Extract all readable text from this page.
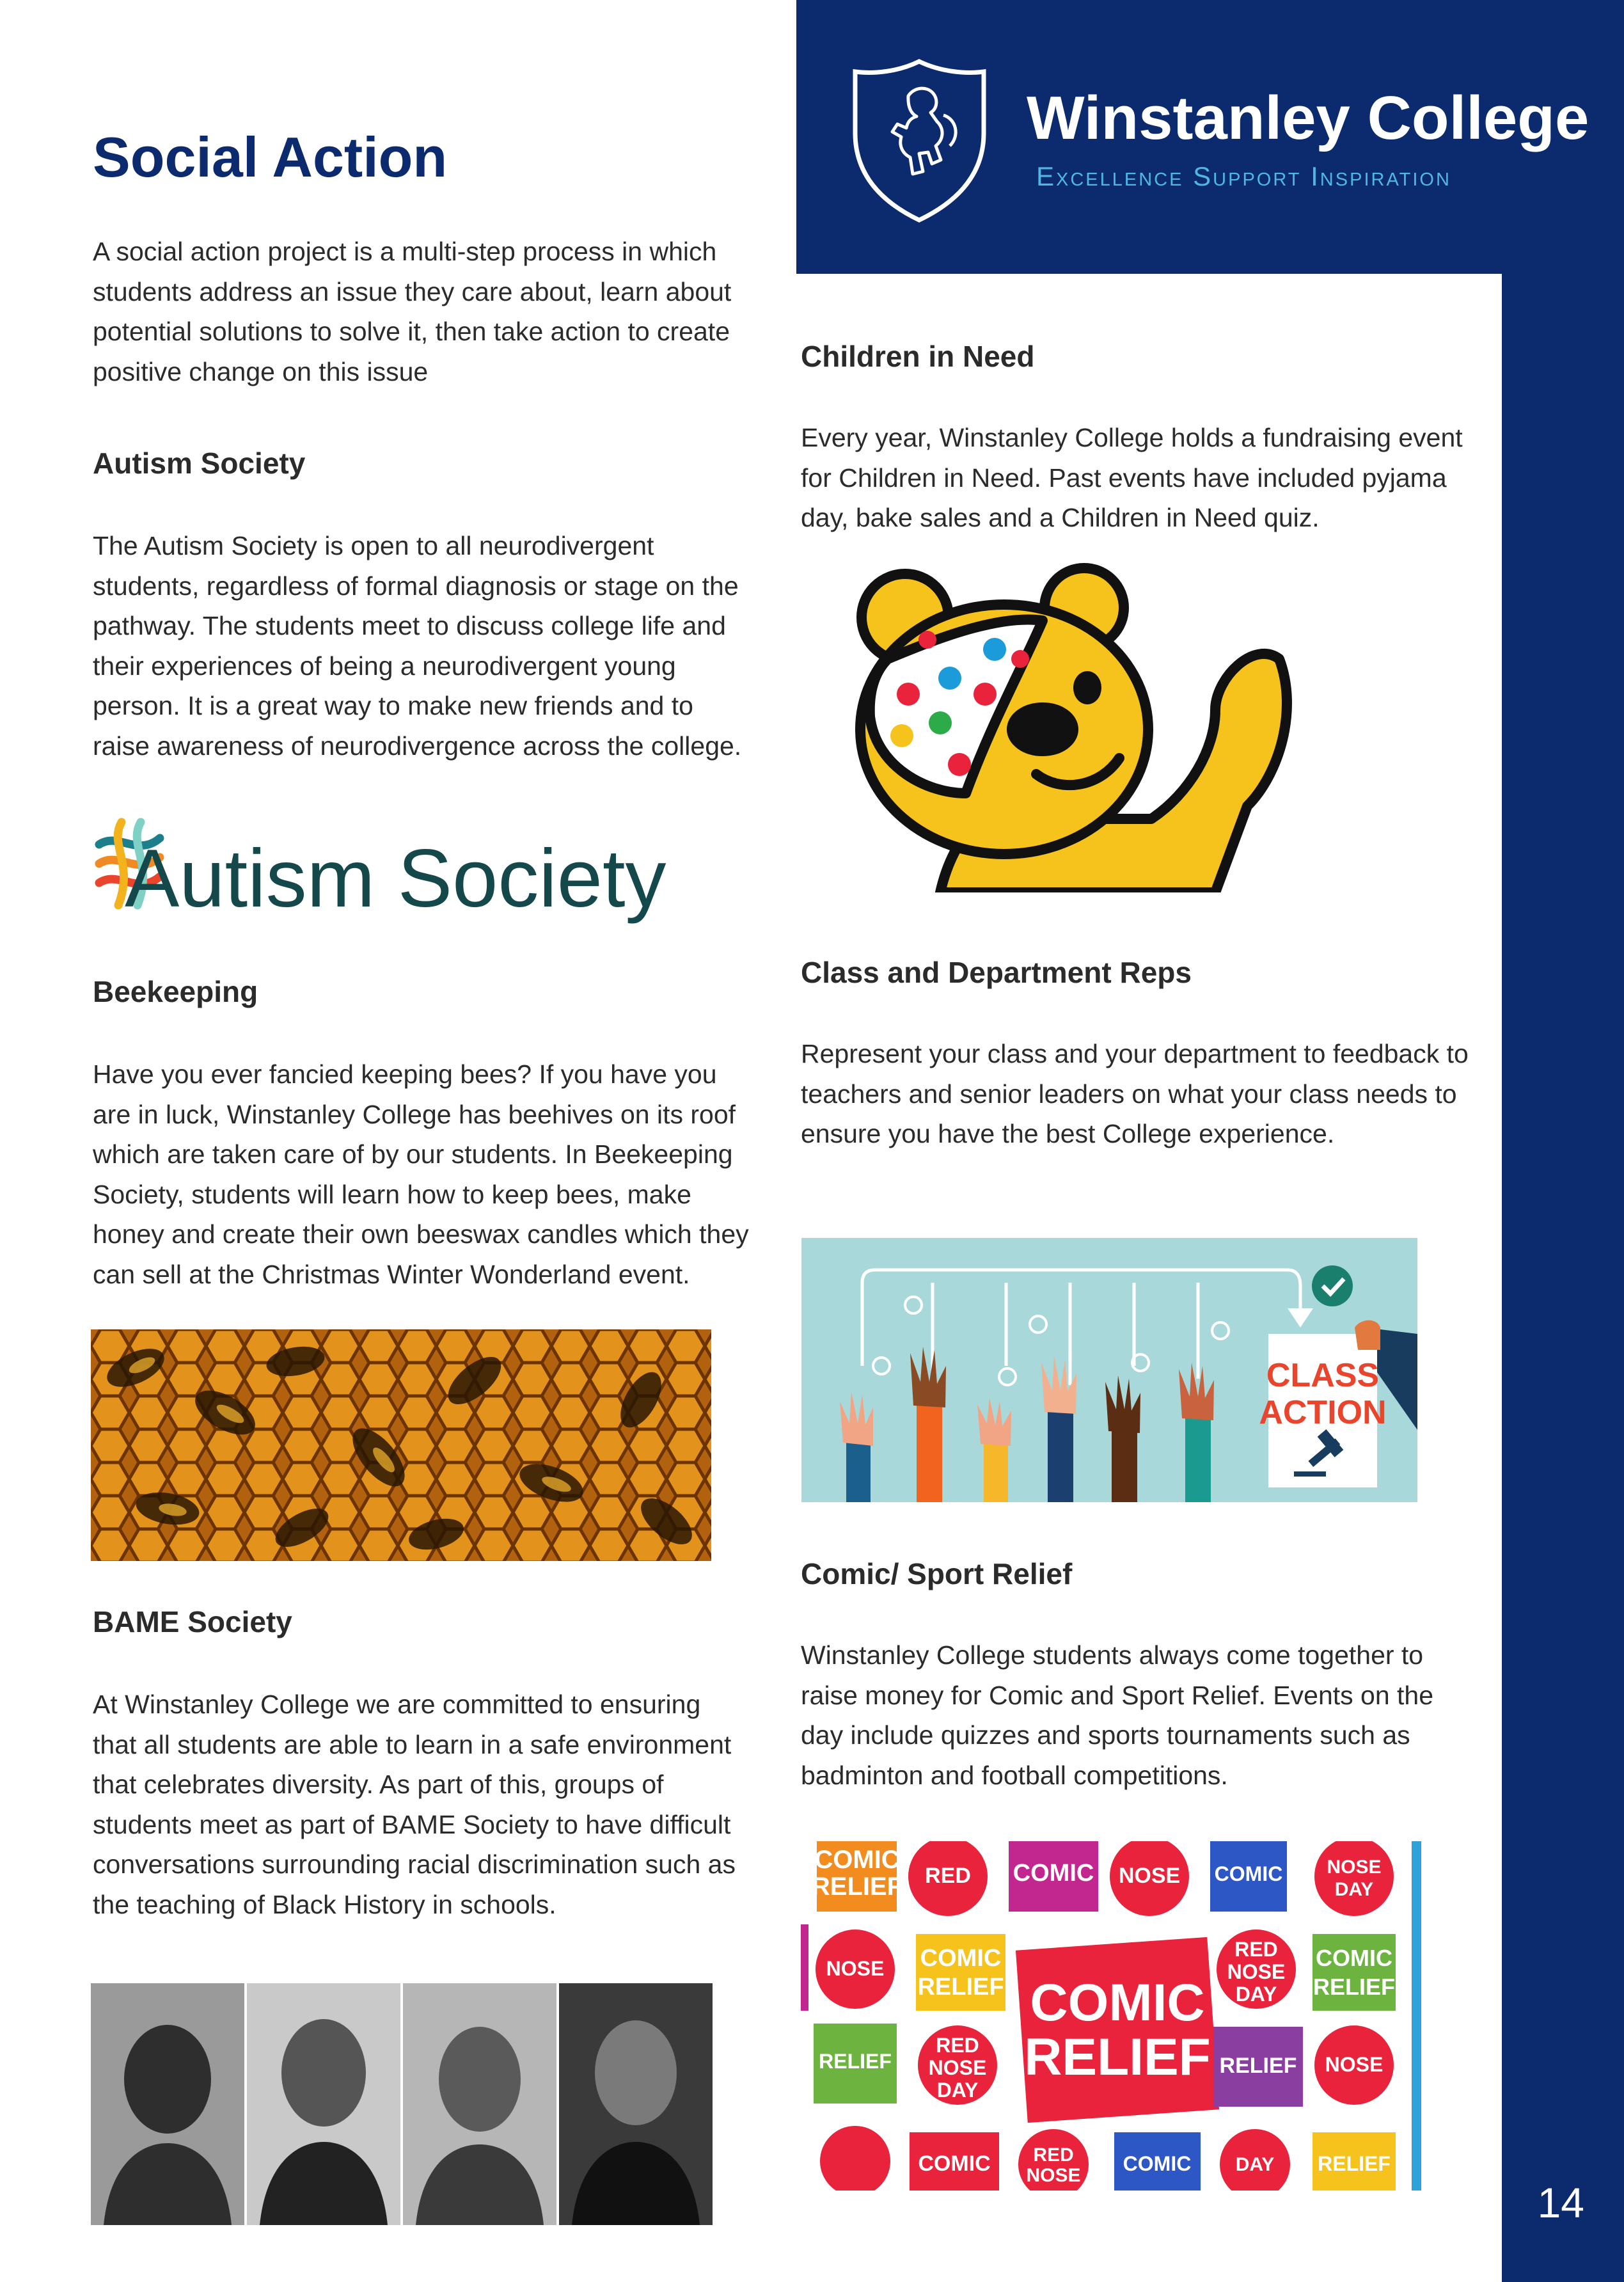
Winstanley College
Excellence Support Inspiration
Social Action

A social action project is a multi-step process in which students address an issue they care about, learn about potential solutions to solve it, then take action to create positive change on this issue

Autism Society

The Autism Society is open to all neurodivergent students, regardless of formal diagnosis or stage on the pathway. The students meet to discuss college life and their experiences of being a neurodivergent young person. It is a great way to make new friends and to raise awareness of neurodivergence across the college.

Autism Society
Beekeeping

Have you ever fancied keeping bees? If you have you are in luck, Winstanley College has beehives on its roof which are taken care of by our students. In Beekeeping Society, students will learn how to keep bees, make honey and create their own beeswax candles which they can sell at the Christmas Winter Wonderland event.

BAME Society

At Winstanley College we are committed to ensuring that all students are able to learn in a safe environment that celebrates diversity. As part of this, groups of students meet as part of BAME Society to have difficult conversations surrounding racial discrimination such as the teaching of Black History in schools.

Children in Need

Every year, Winstanley College holds a fundraising event for Children in Need. Past events have included pyjama day, bake sales and a Children in Need quiz.

Class and Department Reps

Represent your class and your department to feedback to teachers and senior leaders on what your class needs to ensure you have the best College experience.

CLASS
ACTION
Comic/ Sport Relief

Winstanley College students always come together to raise money for Comic and Sport Relief. Events on the day include quizzes and sports tournaments such as badminton and football competitions.

COMIC
RELIEF RED COMIC NOSE COMIC NOSE
DAY
NOSE COMIC
RELIEF COMIC
RELIEF
RED
NOSE
DAY
COMIC
RELIEF
RELIEF
RED
NOSE
DAY
RELIEF NOSE
COMIC RED
NOSE
COMIC DAY RELIEF
14
